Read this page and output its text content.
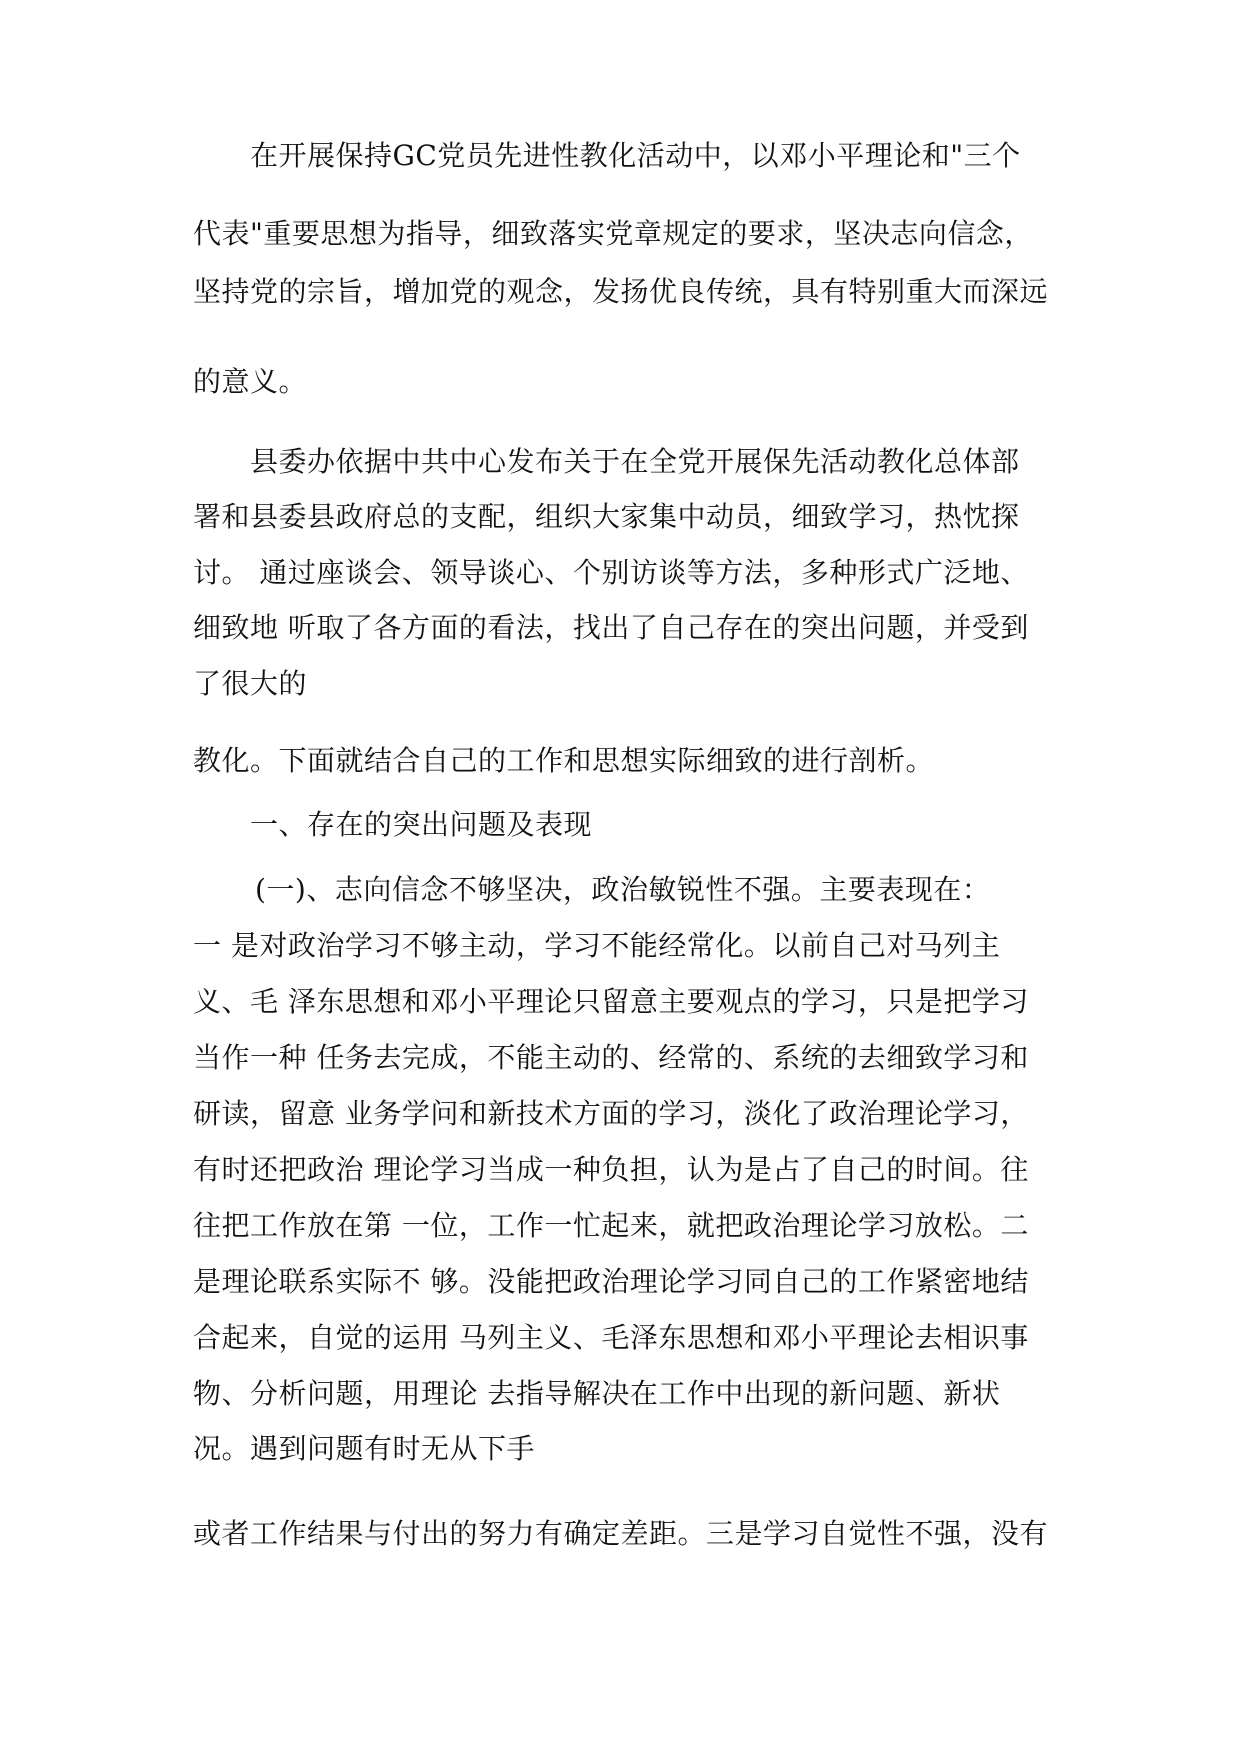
在开展保持GC党员先进性教化活动中，以邓小平理论和"三个
代表"重要思想为指导，细致落实党章规定的要求，坚决志向信念，
坚持党的宗旨，增加党的观念，发扬优良传统，具有特别重大而深远
的意义。
县委办依据中共中心发布关于在全党开展保先活动教化总体部
署和县委县政府总的支配，组织大家集中动员，细致学习，热忱探
讨。 通过座谈会、领导谈心、个别访谈等方法，多种形式广泛地、
细致地 听取了各方面的看法，找出了自己存在的突出问题，并受到
了很大的
教化。下面就结合自己的工作和思想实际细致的进行剖析。
一、存在的突出问题及表现
(一)、志向信念不够坚决，政治敏锐性不强。主要表现在：
一 是对政治学习不够主动，学习不能经常化。以前自己对马列主
义、毛 泽东思想和邓小平理论只留意主要观点的学习，只是把学习
当作一种 任务去完成，不能主动的、经常的、系统的去细致学习和
研读，留意 业务学问和新技术方面的学习，淡化了政治理论学习，
有时还把政治 理论学习当成一种负担，认为是占了自己的时间。往
往把工作放在第 一位，工作一忙起来，就把政治理论学习放松。二
是理论联系实际不 够。没能把政治理论学习同自己的工作紧密地结
合起来，自觉的运用 马列主义、毛泽东思想和邓小平理论去相识事
物、分析问题，用理论 去指导解决在工作中出现的新问题、新状
况。遇到问题有时无从下手
或者工作结果与付出的努力有确定差距。三是学习自觉性不强，没有
